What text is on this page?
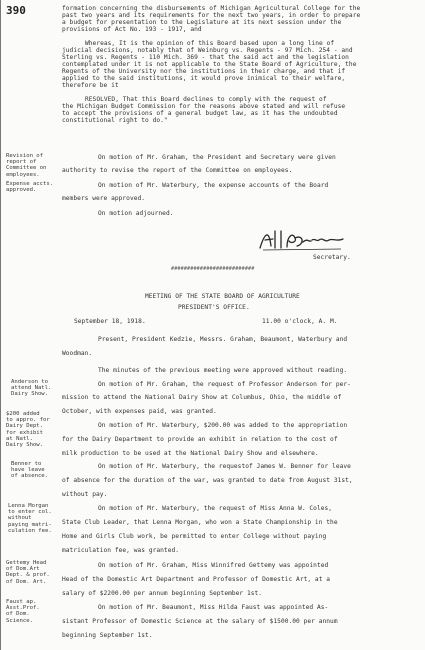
390	formation concerning the disbursements of Michigan Agricultural College for the
past two years and its requirements for the next two years, in order to prepare
a budget for presentation to the Legislature at its next session under the
provisions of Act No. 193 - 1917, and
Whereas, It is the opinion of this Board based upon a long line of
judicial decisions, notably that of Weinburg vs. Regents - 97 Mich. 254 - and
Sterling vs. Regents - 110 Mich. 369 - that the said act and the legislation
contemplated under it is not applicable to the State Board of Agriculture, the
Regents of the University nor the institutions in their charge, and that if
applied to the said institutions, it would prove inimical to their welfare,
therefore be it
RESOLVED, That this Board declines to comply with the request of
the Michigan Budget Commission for the reasons above stated and will refuse
to accept the provisions of a general budget law, as it has the undoubted
constitutional right to do."
Revision of
report of
Committee on
employees.
Expense accts.
approved.
On motion of Mr. Graham, the President and Secretary were given
authority to revise the report of the Committee on employees.
On motion of Mr. Waterbury, the expense accounts of the Board
members were approved.
On motion adjourned.
Secretary.
##########################
MEETING OF THE STATE BOARD OF AGRICULTURE
PRESIDENT'S OFFICE.
September 18, 1918.	11.00 o'clock, A. M.
Present, President Kedzie, Messrs. Graham, Beaumont, Waterbury and
Woodman.
The minutes of the previous meeting were approved without reading.
Anderson to
attend Natl.
Dairy Show.
On motion of Mr. Graham, the request of Professor Anderson for per-
mission to attend the National Dairy Show at Columbus, Ohio, the middle of
October, with expenses paid, was granted.
$200 added
to appro. for
Dairy Dept.
for exhibit
at Natl.
Dairy Show.
On motion of Mr. Waterbury, $200.00 was added to the appropriation
for the Dairy Department to provide an exhibit in relation to the cost of
milk production to be used at the National Dairy Show and elsewhere.
Benner to
have leave
of absence.
On motion of Mr. Waterbury, the requestof James W. Benner for leave
of absence for the duration of the war, was granted to date from August 31st,
without pay.
Lenna Morgan
to enter col.
without
paying matri-
culation fee.
On motion of Mr. Waterbury, the request of Miss Anna W. Coles,
State Club Leader, that Lenna Morgan, who won a State Championship in the
Home and Girls Club work, be permitted to enter College without paying
matriculation fee, was granted.
Gettemy Head
of Dom.Art
Dept. & prof.
of Dom. Art.
On motion of Mr. Graham, Miss Winnifred Gettemy was appointed
Head of the Domestic Art Department and Professor of Domestic Art, at a
salary of $2200.00 per annum beginning September 1st.
Faust ap.
Asst.Prof.
of Dom.
Science.
On motion of Mr. Beaumont, Miss Hilda Faust was appointed As-
sistant Professor of Domestic Science at the salary of $1500.00 per annum
beginning September 1st.
